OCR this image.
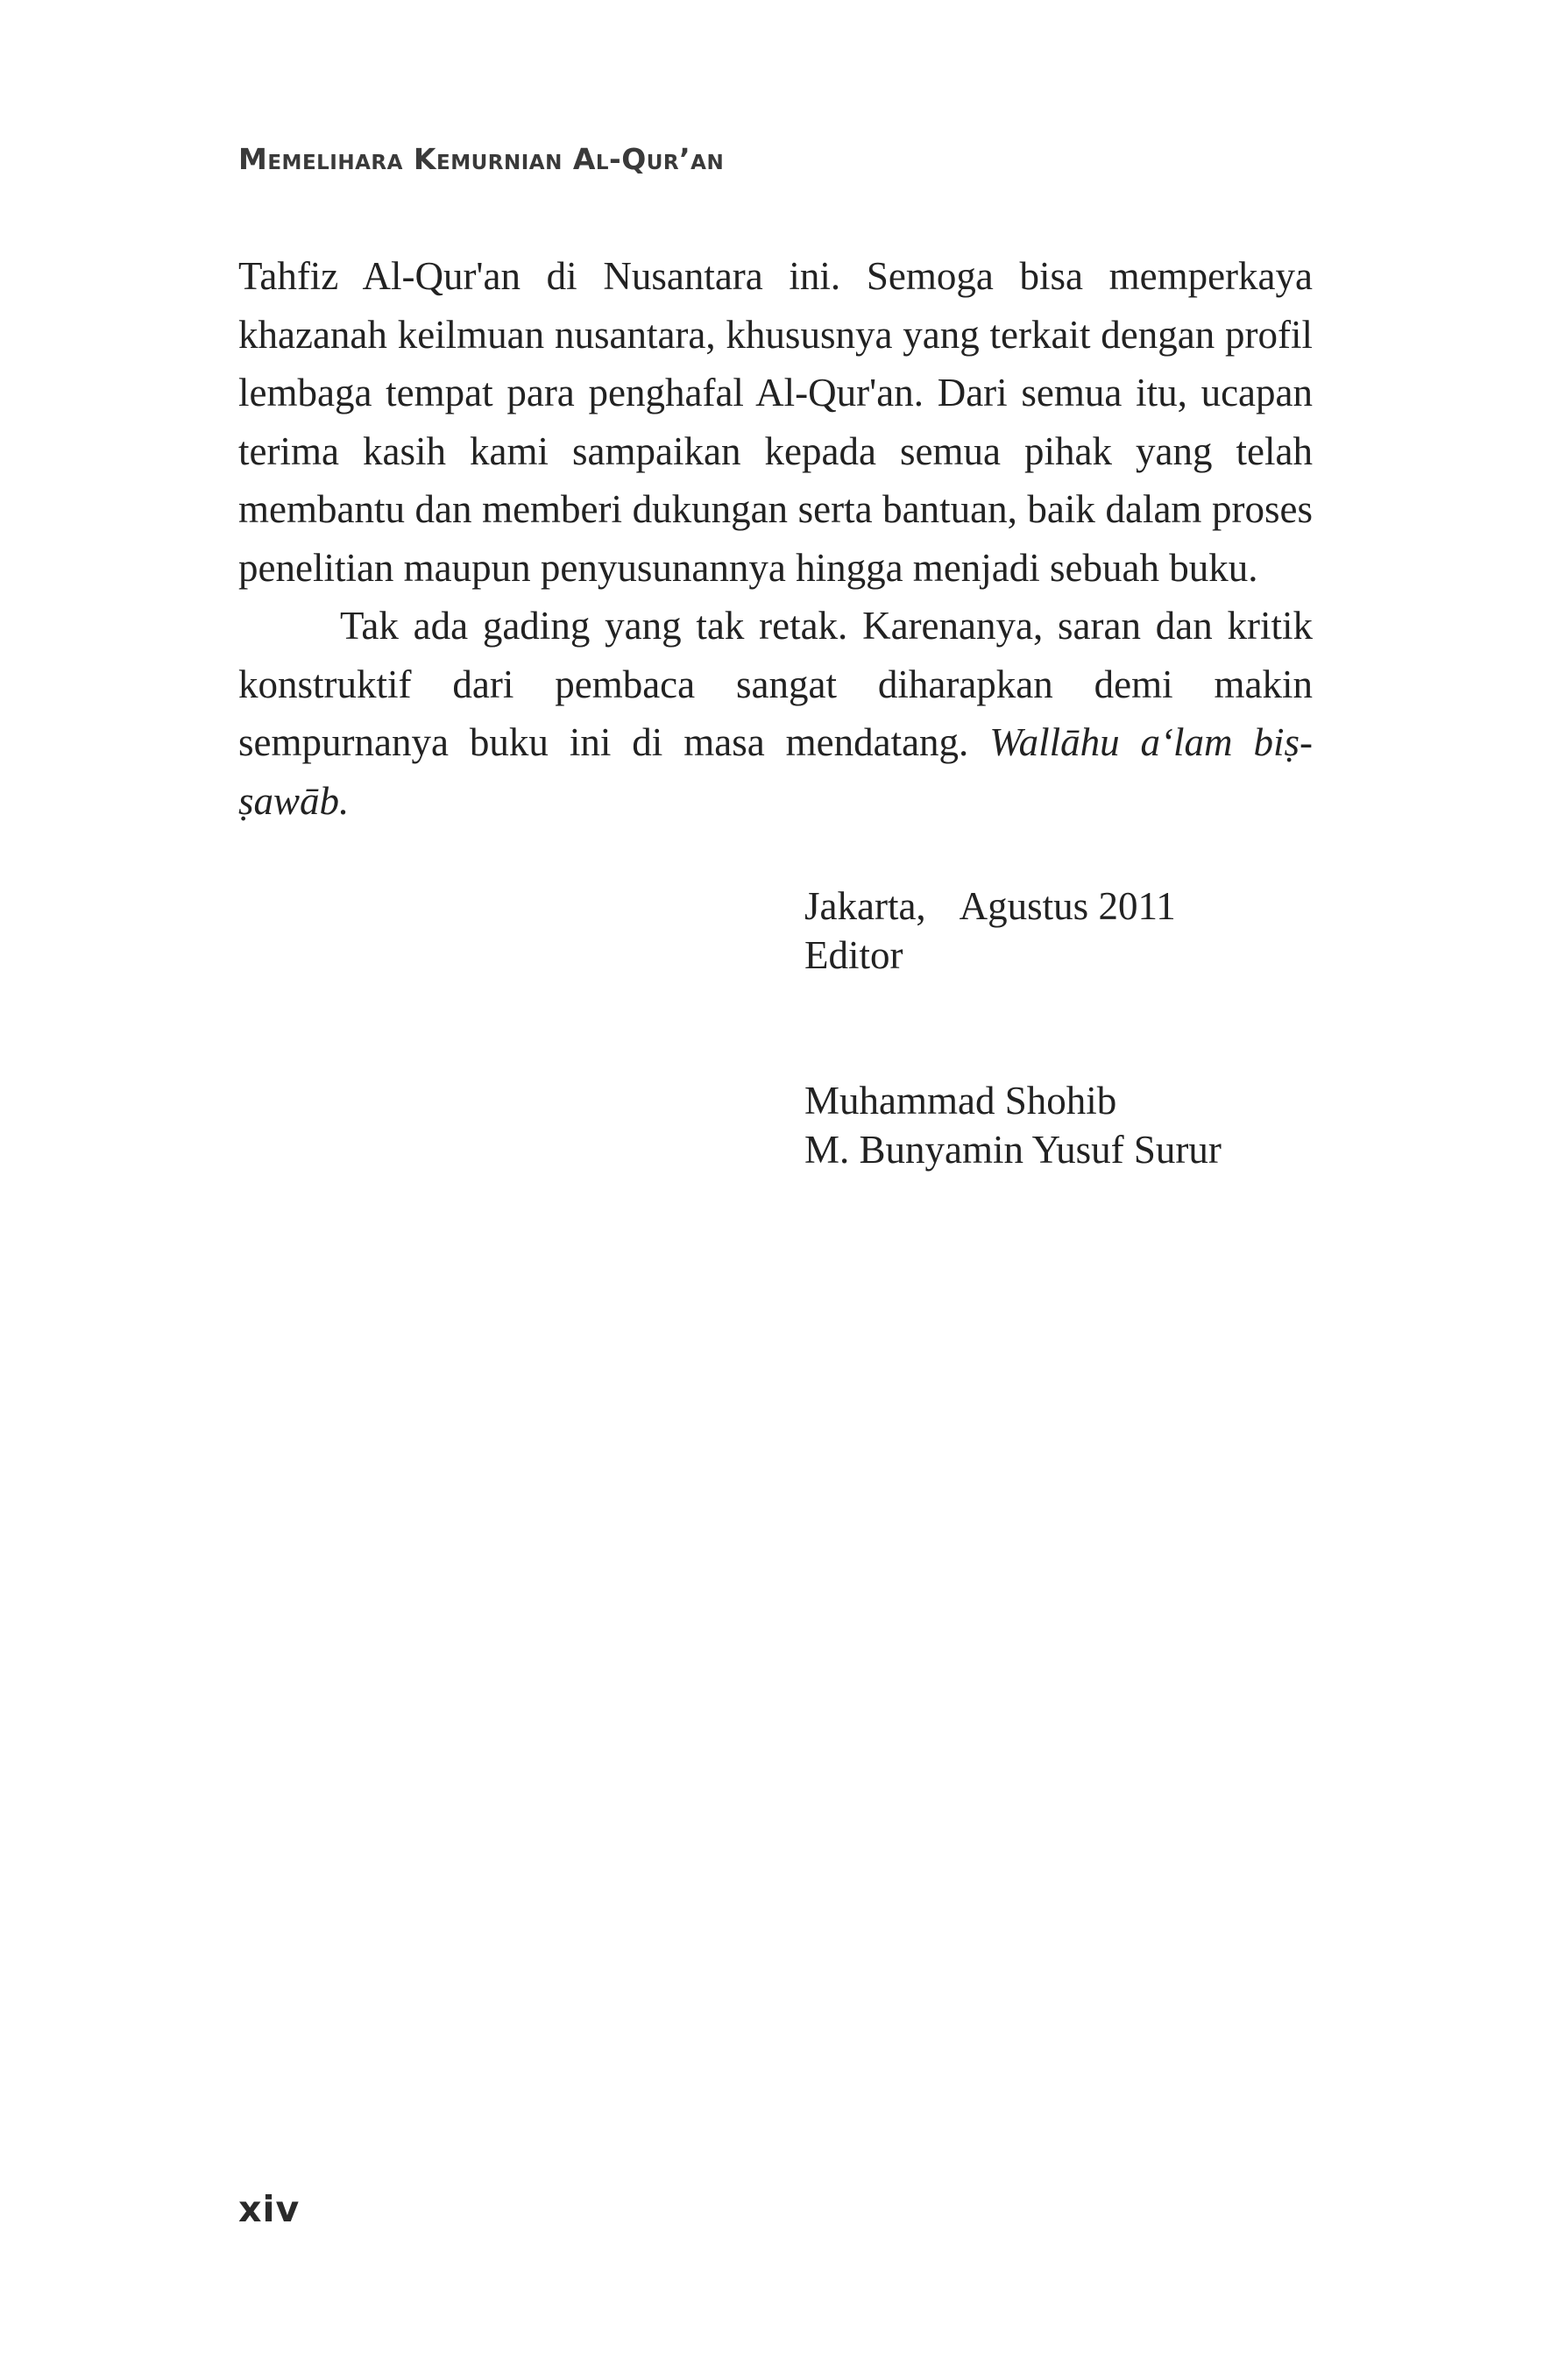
Memelihara Kemurnian Al-Qur’an

Tahfiz Al-Qur'an di Nusantara ini. Semoga bisa memperkaya khazanah keilmuan nusantara, khususnya yang terkait dengan profil lembaga tempat para penghafal Al-Qur'an. Dari semua itu, ucapan terima kasih kami sampaikan kepada semua pihak yang telah membantu dan memberi dukungan serta bantuan, baik dalam proses penelitian maupun penyusunannya hingga menjadi sebuah buku.

Tak ada gading yang tak retak. Karenanya, saran dan kritik konstruktif dari pembaca sangat diharapkan demi makin sempurnanya buku ini di masa mendatang. Wallāhu a‘lam biṣ-ṣawāb.

Jakarta, Agustus 2011
Editor
Muhammad Shohib
M. Bunyamin Yusuf Surur
xiv
